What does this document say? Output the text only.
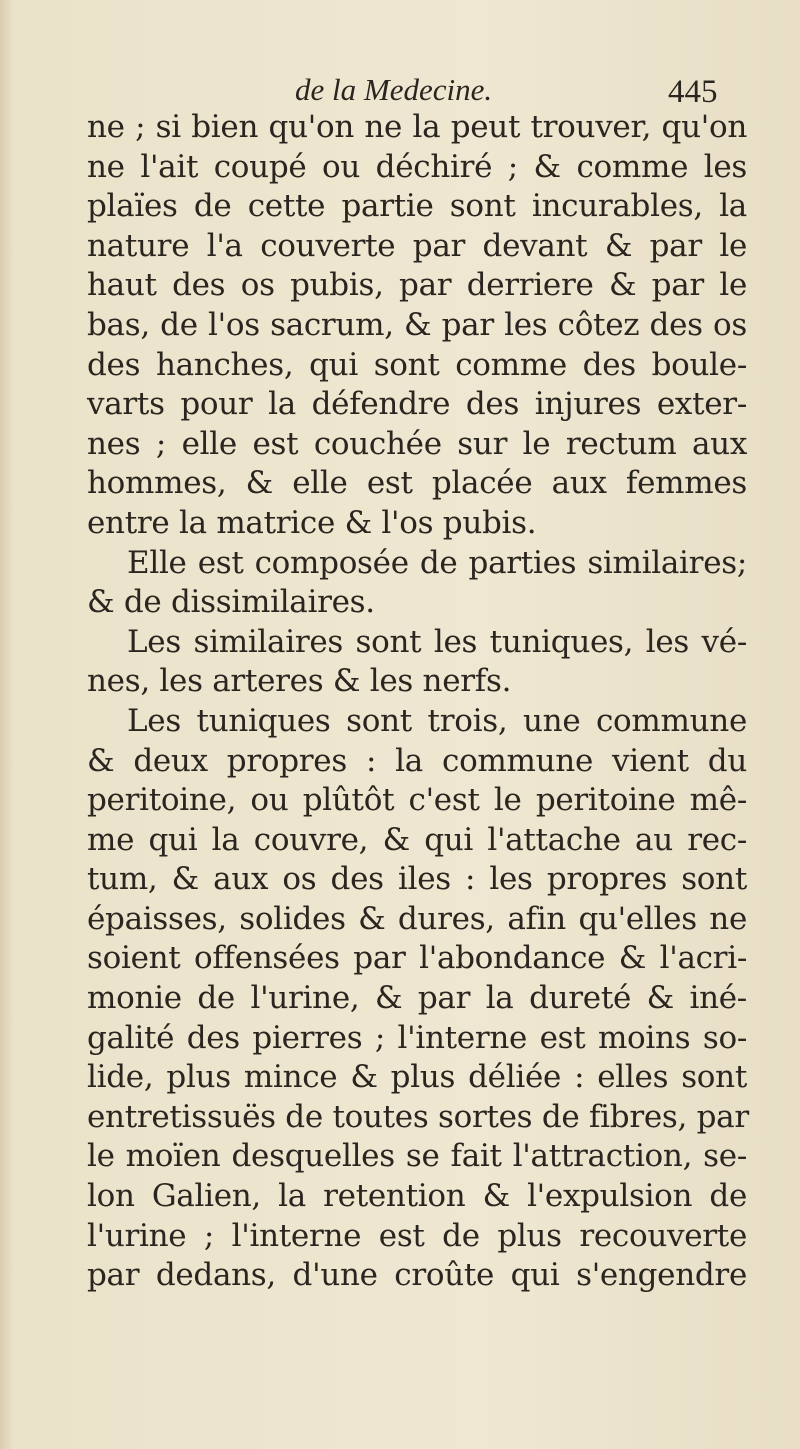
de la Medecine.	445
ne ; si bien qu'on ne la peut trouver, qu'on
ne l'ait coupé ou déchiré ; & comme les
plaïes de cette partie sont incurables, la
nature l'a couverte par devant & par le
haut des os pubis, par derriere & par le
bas, de l'os sacrum, & par les côtez des os
des hanches, qui sont comme des boule-
varts pour la défendre des injures exter-
nes ; elle est couchée sur le rectum aux
hommes, & elle est placée aux femmes
entre la matrice & l'os pubis.
Elle est composée de parties similaires;
& de dissimilaires.
Les similaires sont les tuniques, les vé-
nes, les arteres & les nerfs.
Les tuniques sont trois, une commune
& deux propres : la commune vient du
peritoine, ou plûtôt c'est le peritoine mê-
me qui la couvre, & qui l'attache au rec-
tum, & aux os des iles : les propres sont
épaisses, solides & dures, afin qu'elles ne
soient offensées par l'abondance & l'acri-
monie de l'urine, & par la dureté & iné-
galité des pierres ; l'interne est moins so-
lide, plus mince & plus déliée : elles sont
entretissuës de toutes sortes de fibres, par
le moïen desquelles se fait l'attraction, se-
lon Galien, la retention & l'expulsion de
l'urine ; l'interne est de plus recouverte
par dedans, d'une croûte qui s'engendre
